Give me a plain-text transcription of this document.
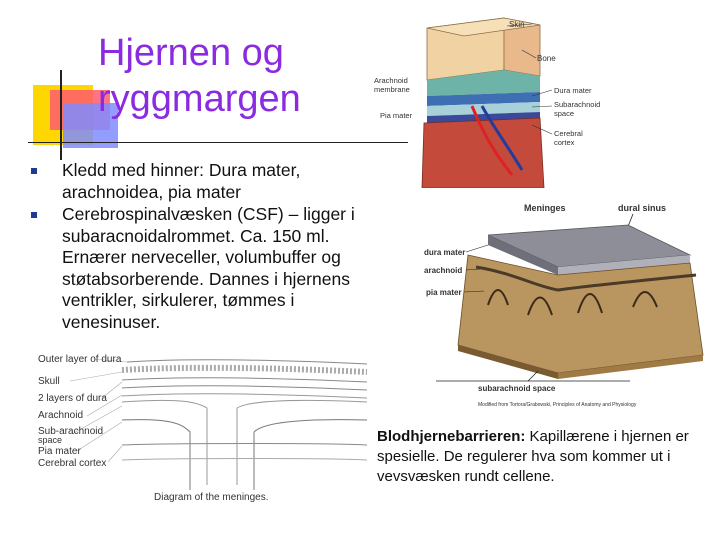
Hjernen og
ryggmargen
Kledd med hinner: Dura mater, arachnoidea, pia mater
Cerebrospinalvæsken (CSF) – ligger i subaracnoidalrommet. Ca. 150 ml. Ernærer nerveceller, volumbuffer og støtabsorberende. Dannes i hjernens ventrikler, sirkulerer, tømmes i venesinuser.
Skin
Bone
Arachnoid membrane
Pia mater
Dura mater
Subarachnoid space
Cerebral cortex
Meninges	dural sinus
dura mater
arachnoid
pia mater
subarachnoid space
Modified from Tortora/Grabowski, Principles of Anatomy and Physiology
Outer layer of dura
Skull
2 layers of dura
Arachnoid
Sub-arachnoid
space
Pia mater
Cerebral cortex
Diagram of the meninges.

Blodhjernebarrieren: Kapillærene i hjernen er spesielle. De regulerer hva som kommer ut i vevsvæsken rundt cellene.
